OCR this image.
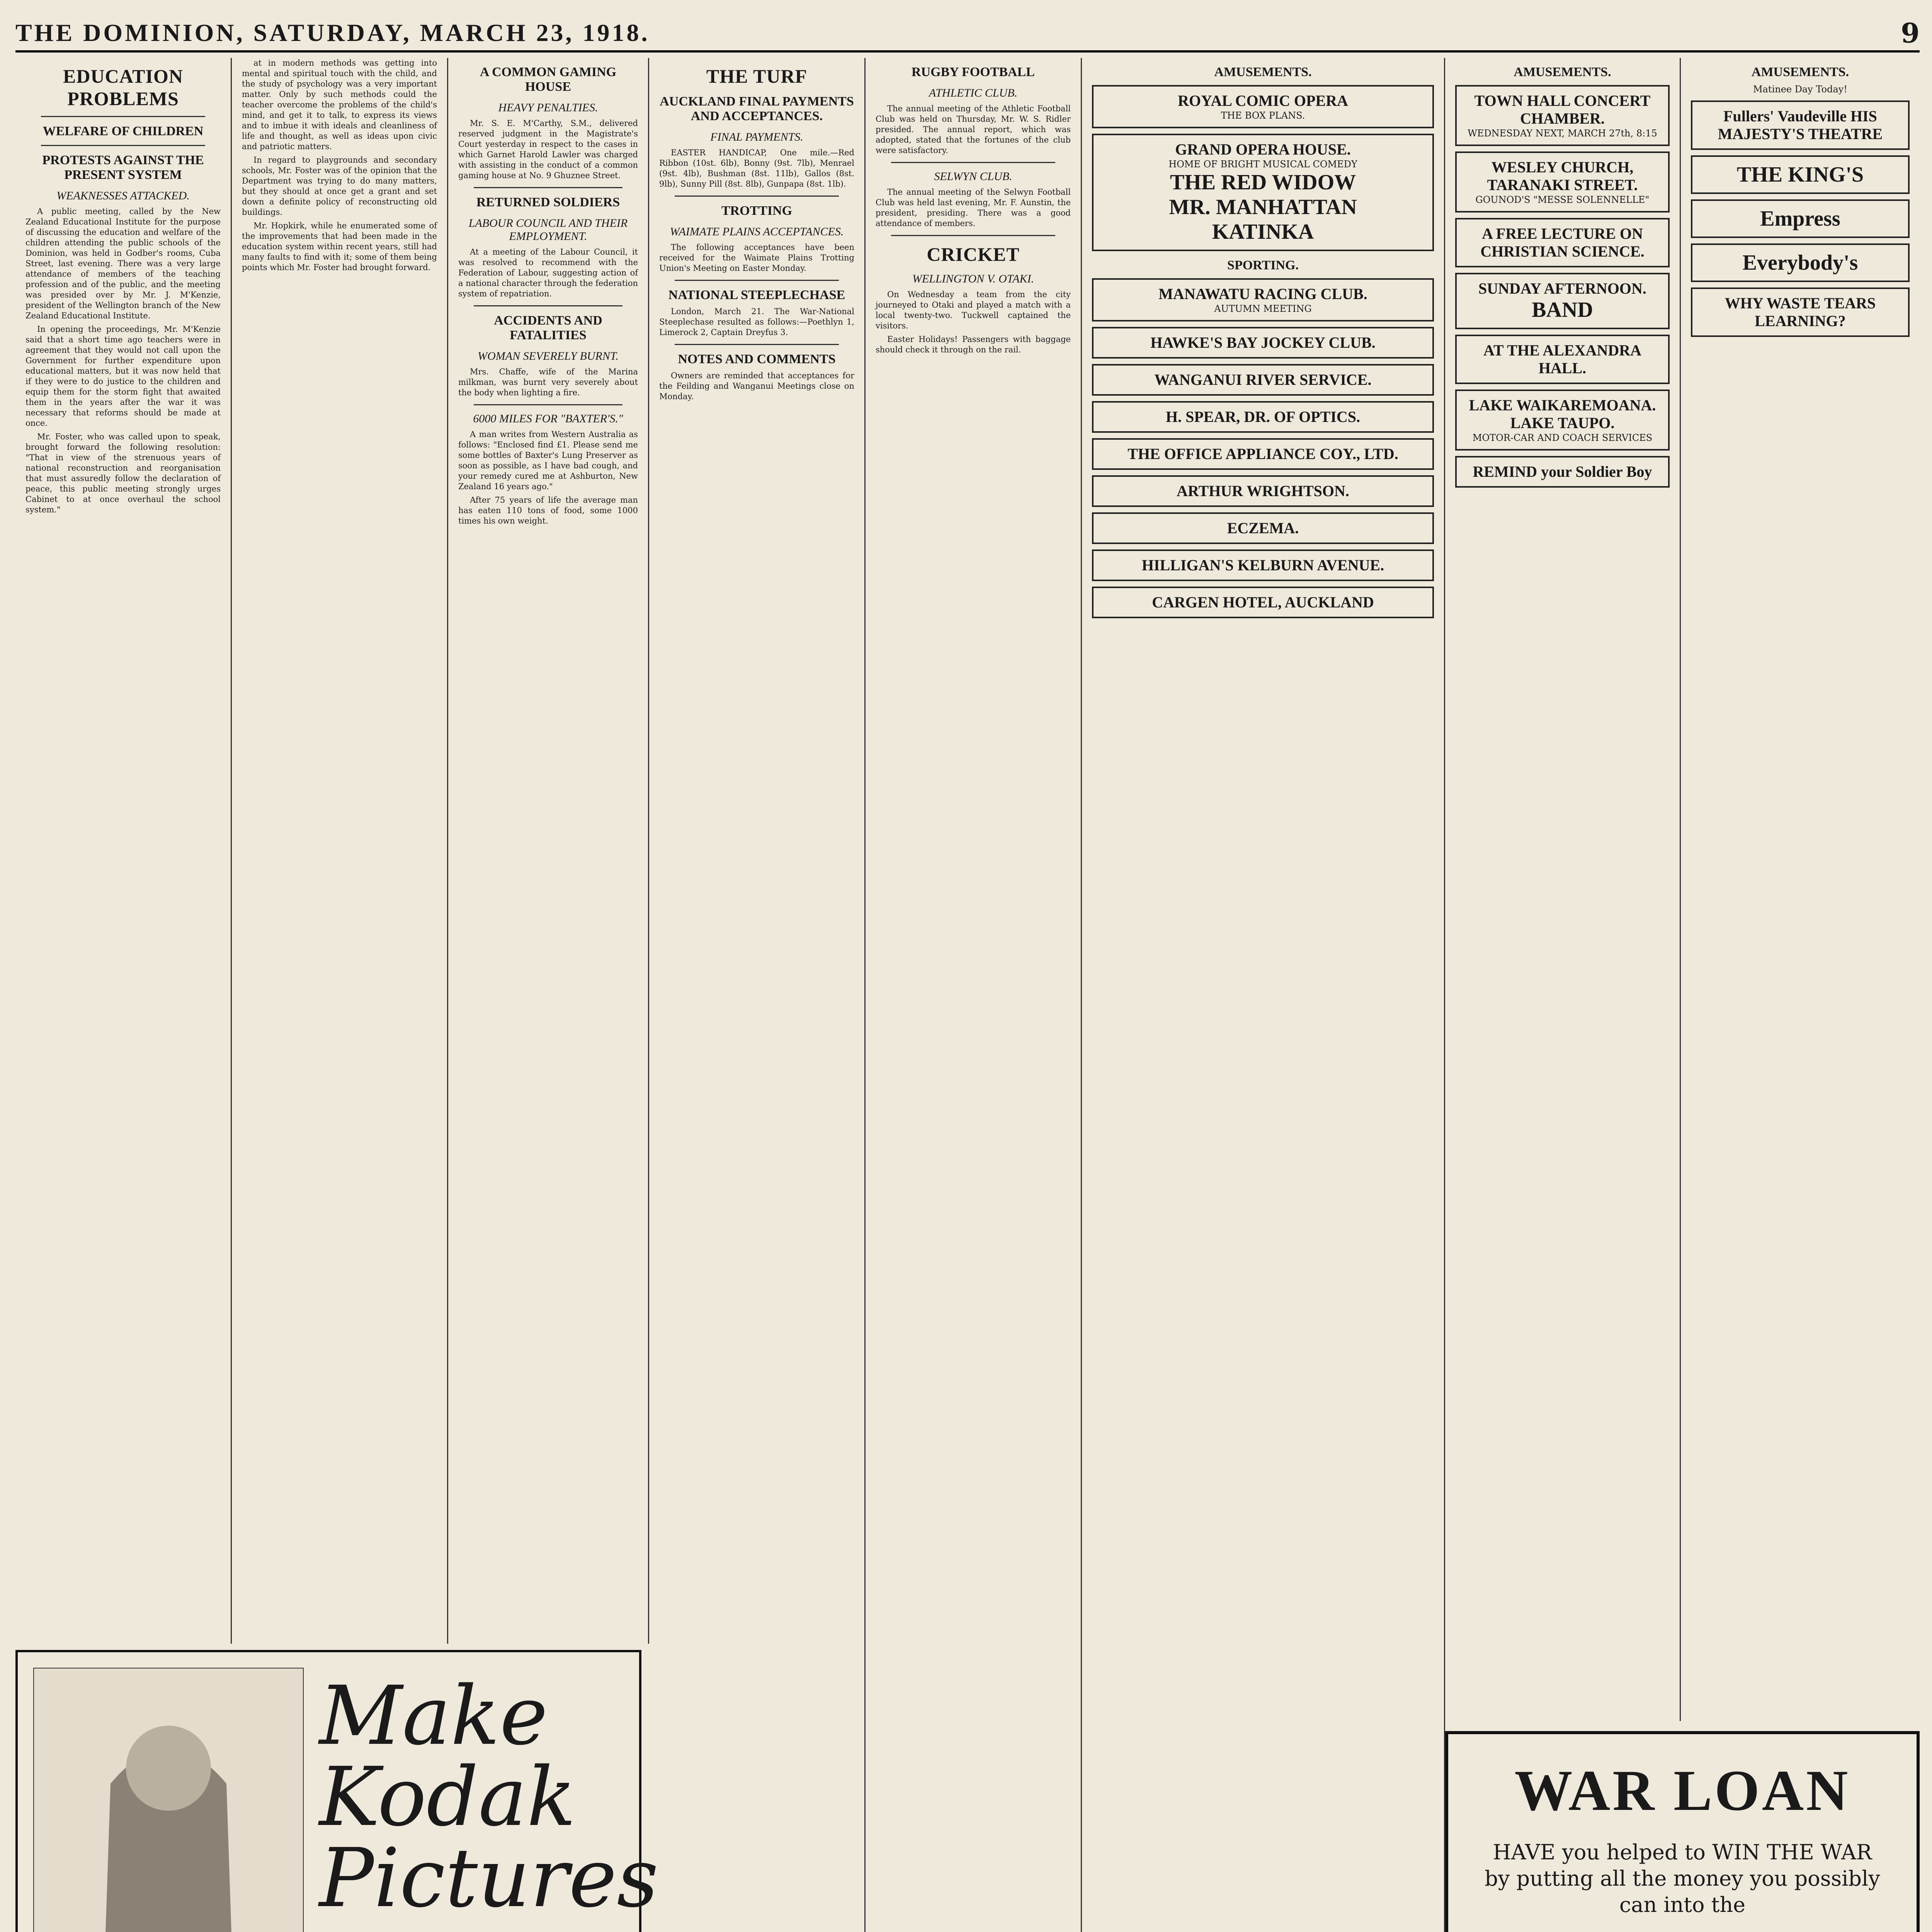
THE DOMINION, SATURDAY, MARCH 23, 1918.	9
EDUCATION PROBLEMS
WELFARE OF CHILDREN
PROTESTS AGAINST THE PRESENT SYSTEM
WEAKNESSES ATTACKED.

A public meeting, called by the New Zealand Educational Institute for the purpose of discussing the education and welfare of the children attending the public schools of the Dominion, was held in Godber's rooms, Cuba Street, last evening. There was a very large attendance of members of the teaching profession and of the public, and the meeting was presided over by Mr. J. M'Kenzie, president of the Wellington branch of the New Zealand Educational Institute.

In opening the proceedings, Mr. M'Kenzie said that a short time ago teachers were in agreement that they would not call upon the Government for further expenditure upon educational matters, but it was now held that if they were to do justice to the children and equip them for the storm fight that awaited them in the years after the war it was necessary that reforms should be made at once.

Mr. Foster, who was called upon to speak, brought forward the following resolution: "That in view of the strenuous years of national reconstruction and reorganisation that must assuredly follow the declaration of peace, this public meeting strongly urges Cabinet to at once overhaul the school system."

at in modern methods was getting into mental and spiritual touch with the child, and the study of psychology was a very important matter. Only by such methods could the teacher overcome the problems of the child's mind, and get it to talk, to express its views and to imbue it with ideals and cleanliness of life and thought, as well as ideas upon civic and patriotic matters.

In regard to playgrounds and secondary schools, Mr. Foster was of the opinion that the Department was trying to do many matters, but they should at once get a grant and set down a definite policy of reconstructing old buildings.

Mr. Hopkirk, while he enumerated some of the improvements that had been made in the education system within recent years, still had many faults to find with it; some of them being points which Mr. Foster had brought forward.

A COMMON GAMING HOUSE
HEAVY PENALTIES.

Mr. S. E. M'Carthy, S.M., delivered reserved judgment in the Magistrate's Court yesterday in respect to the cases in which Garnet Harold Lawler was charged with assisting in the conduct of a common gaming house at No. 9 Ghuznee Street.

RETURNED SOLDIERS
LABOUR COUNCIL AND THEIR EMPLOYMENT.

At a meeting of the Labour Council, it was resolved to recommend with the Federation of Labour, suggesting action of a national character through the federation system of repatriation.

ACCIDENTS AND FATALITIES
WOMAN SEVERELY BURNT.

Mrs. Chaffe, wife of the Marina milkman, was burnt very severely about the body when lighting a fire.

6000 MILES FOR "BAXTER'S."

A man writes from Western Australia as follows: "Enclosed find £1. Please send me some bottles of Baxter's Lung Preserver as soon as possible, as I have bad cough, and your remedy cured me at Ashburton, New Zealand 16 years ago."

After 75 years of life the average man has eaten 110 tons of food, some 1000 times his own weight.

THE TURF
AUCKLAND FINAL PAYMENTS AND ACCEPTANCES.
FINAL PAYMENTS.

EASTER HANDICAP, One mile.—Red Ribbon (10st. 6lb), Bonny (9st. 7lb), Menrael (9st. 4lb), Bushman (8st. 11lb), Gallos (8st. 9lb), Sunny Pill (8st. 8lb), Gunpapa (8st. 1lb).

TROTTING
WAIMATE PLAINS ACCEPTANCES.

The following acceptances have been received for the Waimate Plains Trotting Union's Meeting on Easter Monday.

NATIONAL STEEPLECHASE

London, March 21. The War-National Steeplechase resulted as follows:—Poethlyn 1, Limerock 2, Captain Dreyfus 3.

NOTES AND COMMENTS

Owners are reminded that acceptances for the Feilding and Wanganui Meetings close on Monday.

RUGBY FOOTBALL
ATHLETIC CLUB.

The annual meeting of the Athletic Football Club was held on Thursday, Mr. W. S. Ridler presided. The annual report, which was adopted, stated that the fortunes of the club were satisfactory.

SELWYN CLUB.

The annual meeting of the Selwyn Football Club was held last evening, Mr. F. Aunstin, the president, presiding. There was a good attendance of members.

CRICKET
WELLINGTON V. OTAKI.

On Wednesday a team from the city journeyed to Otaki and played a match with a local twenty-two. Tuckwell captained the visitors.

Easter Holidays! Passengers with baggage should check it through on the rail.

AMUSEMENTS.
ROYAL COMIC OPERA
THE BOX PLANS.
GRAND OPERA HOUSE.
HOME OF BRIGHT MUSICAL COMEDY
THE RED WIDOW
MR. MANHATTAN
KATINKA
SPORTING.
MANAWATU RACING CLUB.
AUTUMN MEETING
HAWKE'S BAY JOCKEY CLUB.
WANGANUI RIVER SERVICE.
H. SPEAR, DR. OF OPTICS.
THE OFFICE APPLIANCE COY., LTD.
ARTHUR WRIGHTSON.
ECZEMA.
HILLIGAN'S KELBURN AVENUE.
CARGEN HOTEL, AUCKLAND
AMUSEMENTS.
TOWN HALL CONCERT CHAMBER.
WEDNESDAY NEXT, MARCH 27th, 8:15
WESLEY CHURCH, TARANAKI STREET.
GOUNOD'S "MESSE SOLENNELLE"
A FREE LECTURE ON CHRISTIAN SCIENCE.
SUNDAY AFTERNOON.
BAND
AT THE ALEXANDRA HALL.
LAKE WAIKAREMOANA. LAKE TAUPO.
MOTOR-CAR AND COACH SERVICES
REMIND your Soldier Boy
AMUSEMENTS.
Matinee Day Today!
Fullers' Vaudeville HIS MAJESTY'S THEATRE
THE KING'S
Empress
Everybody's
WHY WASTE TEARS LEARNING?
Make Kodak Pictures

WAR LOAN
HAVE you helped to WIN THE WAR by putting all the money you possibly can into the
